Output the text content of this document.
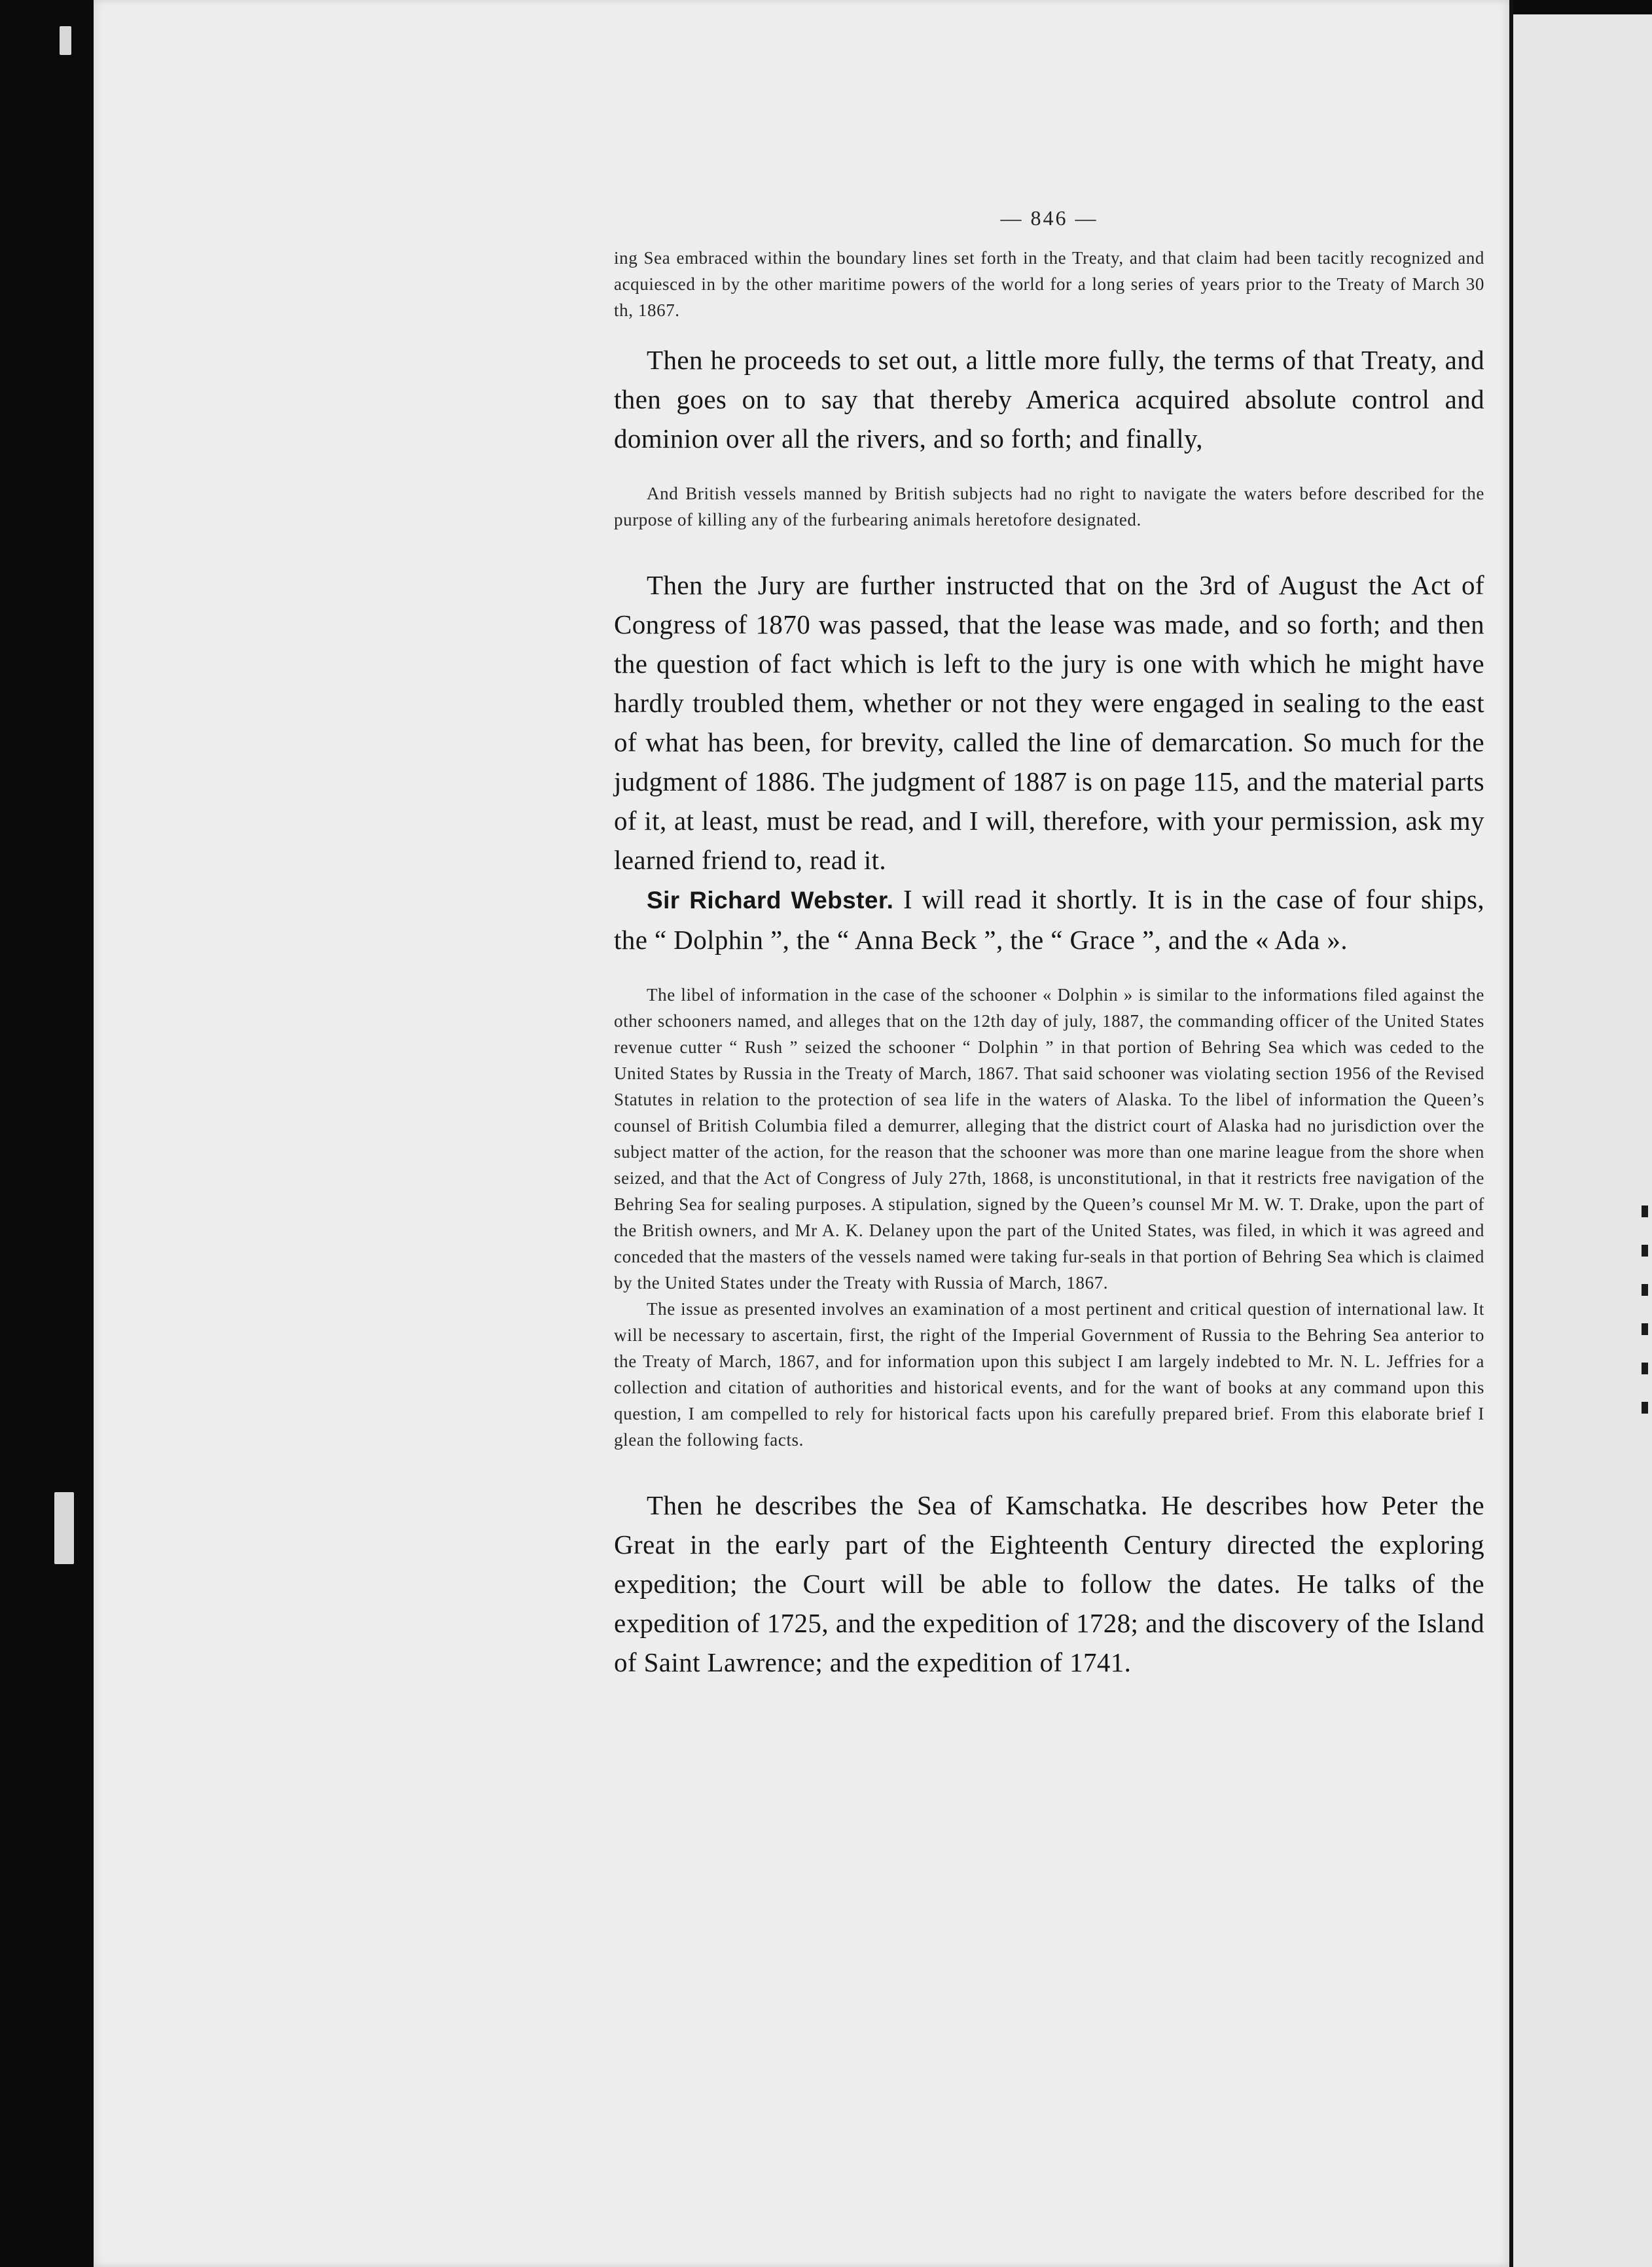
— 846 —

ing Sea embraced within the boundary lines set forth in the Treaty, and that claim had been tacitly recognized and acquiesced in by the other maritime powers of the world for a long series of years prior to the Treaty of March 30 th, 1867.

Then he proceeds to set out, a little more fully, the terms of that Treaty, and then goes on to say that thereby America acquired absolute control and dominion over all the rivers, and so forth; and finally,

And British vessels manned by British subjects had no right to navigate the waters before described for the purpose of killing any of the furbearing animals heretofore designated.

Then the Jury are further instructed that on the 3rd of August the Act of Congress of 1870 was passed, that the lease was made, and so forth; and then the question of fact which is left to the jury is one with which he might have hardly troubled them, whether or not they were engaged in sealing to the east of what has been, for brevity, called the line of demarcation. So much for the judgment of 1886. The judgment of 1887 is on page 115, and the material parts of it, at least, must be read, and I will, therefore, with your permission, ask my learned friend to, read it.

Sir Richard Webster. I will read it shortly. It is in the case of four ships, the “ Dolphin ”, the “ Anna Beck ”, the “ Grace ”, and the « Ada ».

The libel of information in the case of the schooner « Dolphin » is similar to the informations filed against the other schooners named, and alleges that on the 12th day of july, 1887, the commanding officer of the United States revenue cutter “ Rush ” seized the schooner “ Dolphin ” in that portion of Behring Sea which was ceded to the United States by Russia in the Treaty of March, 1867. That said schooner was violating section 1956 of the Revised Statutes in relation to the protection of sea life in the waters of Alaska. To the libel of information the Queen’s counsel of British Columbia filed a demurrer, alleging that the district court of Alaska had no jurisdiction over the subject matter of the action, for the reason that the schooner was more than one marine league from the shore when seized, and that the Act of Congress of July 27th, 1868, is unconstitutional, in that it restricts free navigation of the Behring Sea for sealing purposes. A stipulation, signed by the Queen’s counsel Mr M. W. T. Drake, upon the part of the British owners, and Mr A. K. Delaney upon the part of the United States, was filed, in which it was agreed and conceded that the masters of the vessels named were taking fur-seals in that portion of Behring Sea which is claimed by the United States under the Treaty with Russia of March, 1867.

The issue as presented involves an examination of a most pertinent and critical question of international law. It will be necessary to ascertain, first, the right of the Imperial Government of Russia to the Behring Sea anterior to the Treaty of March, 1867, and for information upon this subject I am largely indebted to Mr. N. L. Jeffries for a collection and citation of authorities and historical events, and for the want of books at any command upon this question, I am compelled to rely for historical facts upon his carefully prepared brief. From this elaborate brief I glean the following facts.

Then he describes the Sea of Kamschatka. He describes how Peter the Great in the early part of the Eighteenth Century directed the exploring expedition; the Court will be able to follow the dates. He talks of the expedition of 1725, and the expedition of 1728; and the discovery of the Island of Saint Lawrence; and the expedition of 1741.
